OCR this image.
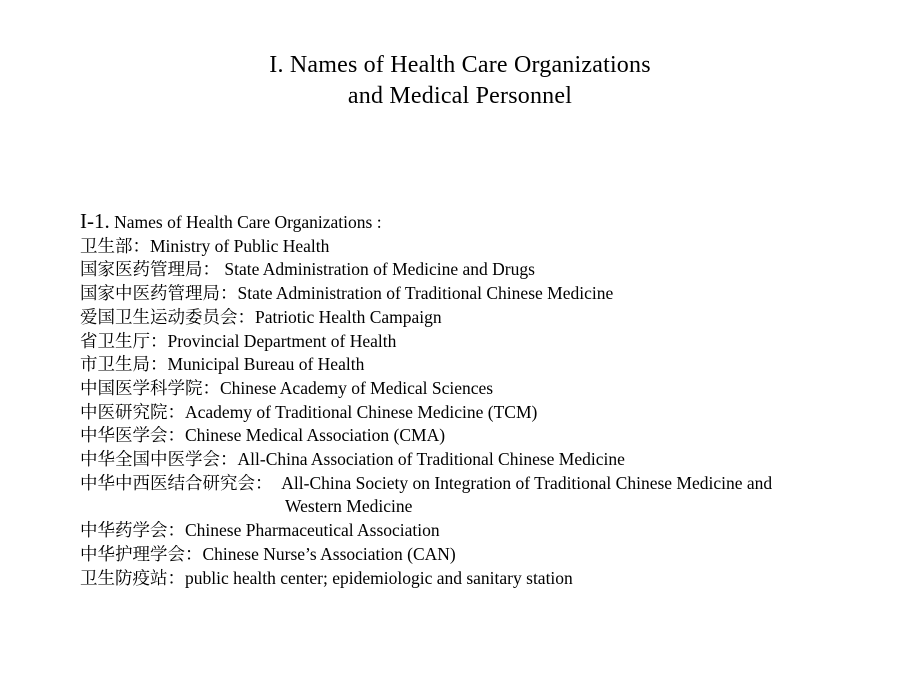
I. Names of Health Care Organizations
and Medical Personnel
I-1. Names of Health Care Organizations :
卫生部：Ministry of Public Health
国家医药管理局： State Administration of Medicine and Drugs
国家中医药管理局：State Administration of Traditional Chinese Medicine
爱国卫生运动委员会：Patriotic Health Campaign
省卫生厅：Provincial Department of Health
市卫生局：Municipal Bureau of Health
中国医学科学院：Chinese Academy of Medical Sciences
中医研究院：Academy of Traditional Chinese Medicine (TCM)
中华医学会：Chinese Medical Association (CMA)
中华全国中医学会：All-China Association of Traditional Chinese Medicine
中华中西医结合研究会：  All-China Society on Integration of Traditional Chinese Medicine and
Western Medicine
中华药学会：Chinese Pharmaceutical Association
中华护理学会：Chinese Nurse’s Association (CAN)
卫生防疫站：public health center; epidemiologic and sanitary station
